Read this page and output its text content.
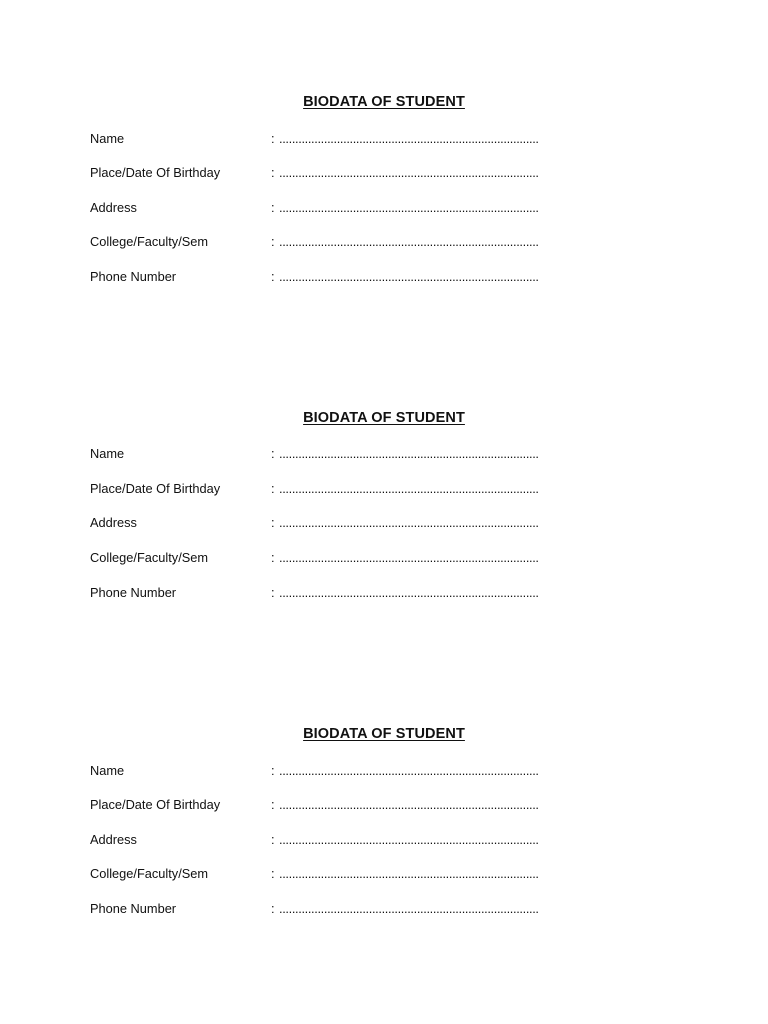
BIODATA OF STUDENT
Name	: .................................................................................
Place/Date Of Birthday	: .................................................................................
Address	: .................................................................................
College/Faculty/Sem	: .................................................................................
Phone Number	: .................................................................................
BIODATA OF STUDENT
Name	: .................................................................................
Place/Date Of Birthday	: .................................................................................
Address	: .................................................................................
College/Faculty/Sem	: .................................................................................
Phone Number	: .................................................................................
BIODATA OF STUDENT
Name	: .................................................................................
Place/Date Of Birthday	: .................................................................................
Address	: .................................................................................
College/Faculty/Sem	: .................................................................................
Phone Number	: .................................................................................
